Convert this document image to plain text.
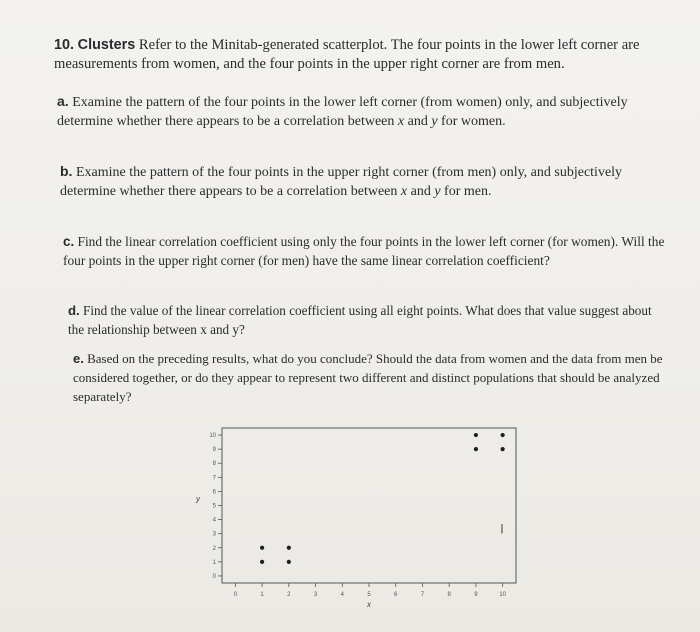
10. Clusters Refer to the Minitab-generated scatterplot. The four points in the lower left corner are measurements from women, and the four points in the upper right corner are from men.
a. Examine the pattern of the four points in the lower left corner (from women) only, and subjectively determine whether there appears to be a correlation between x and y for women.
b. Examine the pattern of the four points in the upper right corner (from men) only, and subjectively determine whether there appears to be a correlation between x and y for men.
c. Find the linear correlation coefficient using only the four points in the lower left corner (for women). Will the four points in the upper right corner (for men) have the same linear correlation coefficient?
d. Find the value of the linear correlation coefficient using all eight points. What does that value suggest about the relationship between x and y?
e. Based on the preceding results, what do you conclude? Should the data from women and the data from men be considered together, or do they appear to represent two different and distinct populations that should be analyzed separately?
0	1	2	3	4	5	6	7	8	9	10
0
1
2
3
4
5
6
7
8
9
10
x
y
I
